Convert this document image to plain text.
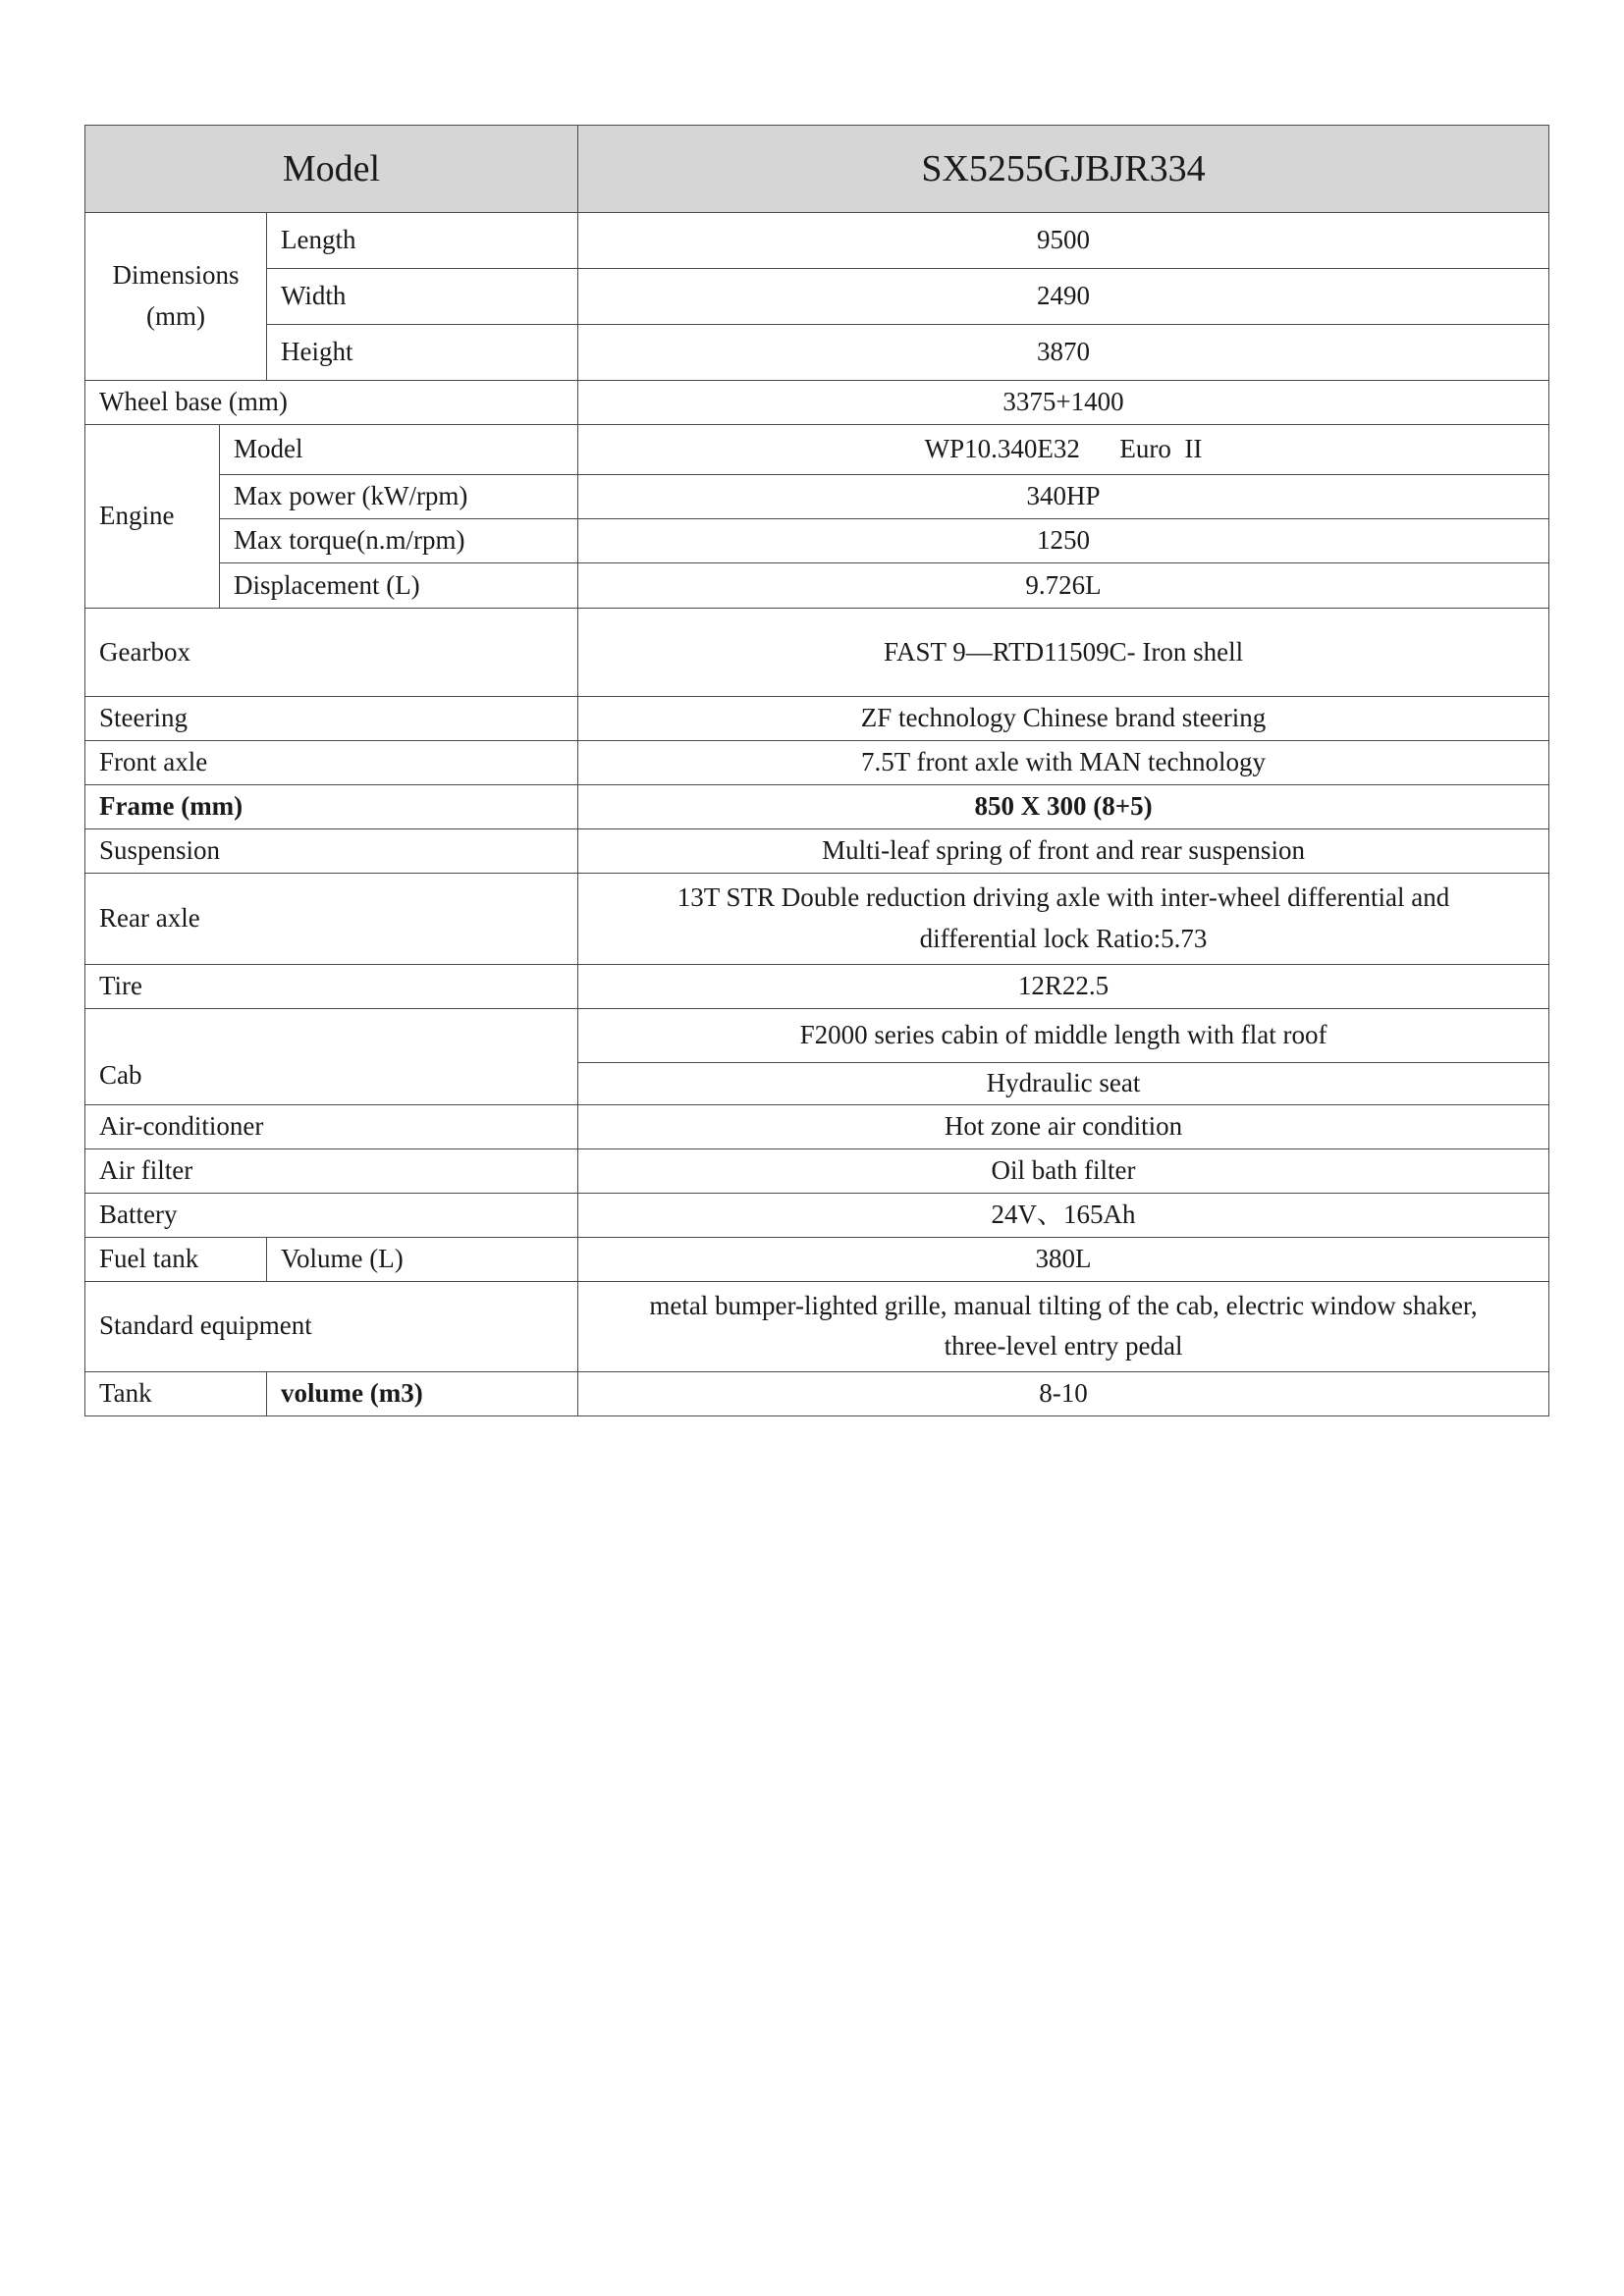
Model			SX5255GJBJR334
Dimensions (mm)		Length	9500
		Width	2490
		Height	3870
Wheel base (mm)			3375+1400
Engine	Model		WP10.340E32      Euro  II
	Max power (kW/rpm)		340HP
	Max torque(n.m/rpm)		1250
	Displacement (L)		9.726L
Gearbox			FAST 9—RTD11509C- Iron shell
Steering			ZF technology Chinese brand steering
Front axle			7.5T front axle with MAN technology
Frame (mm)			850 X 300 (8+5)
Suspension			Multi-leaf spring of front and rear suspension
Rear axle			13T STR Double reduction driving axle with inter-wheel differential and differential lock Ratio:5.73
Tire			12R22.5
Cab			F2000 series cabin of middle length with flat roof
			Hydraulic seat
Air-conditioner			Hot zone air condition
Air filter			Oil bath filter
Battery			24V、165Ah
Fuel tank		Volume (L)	380L
Standard equipment			metal bumper-lighted grille, manual tilting of the cab, electric window shaker, three-level entry pedal
Tank		volume (m3)	8-10
